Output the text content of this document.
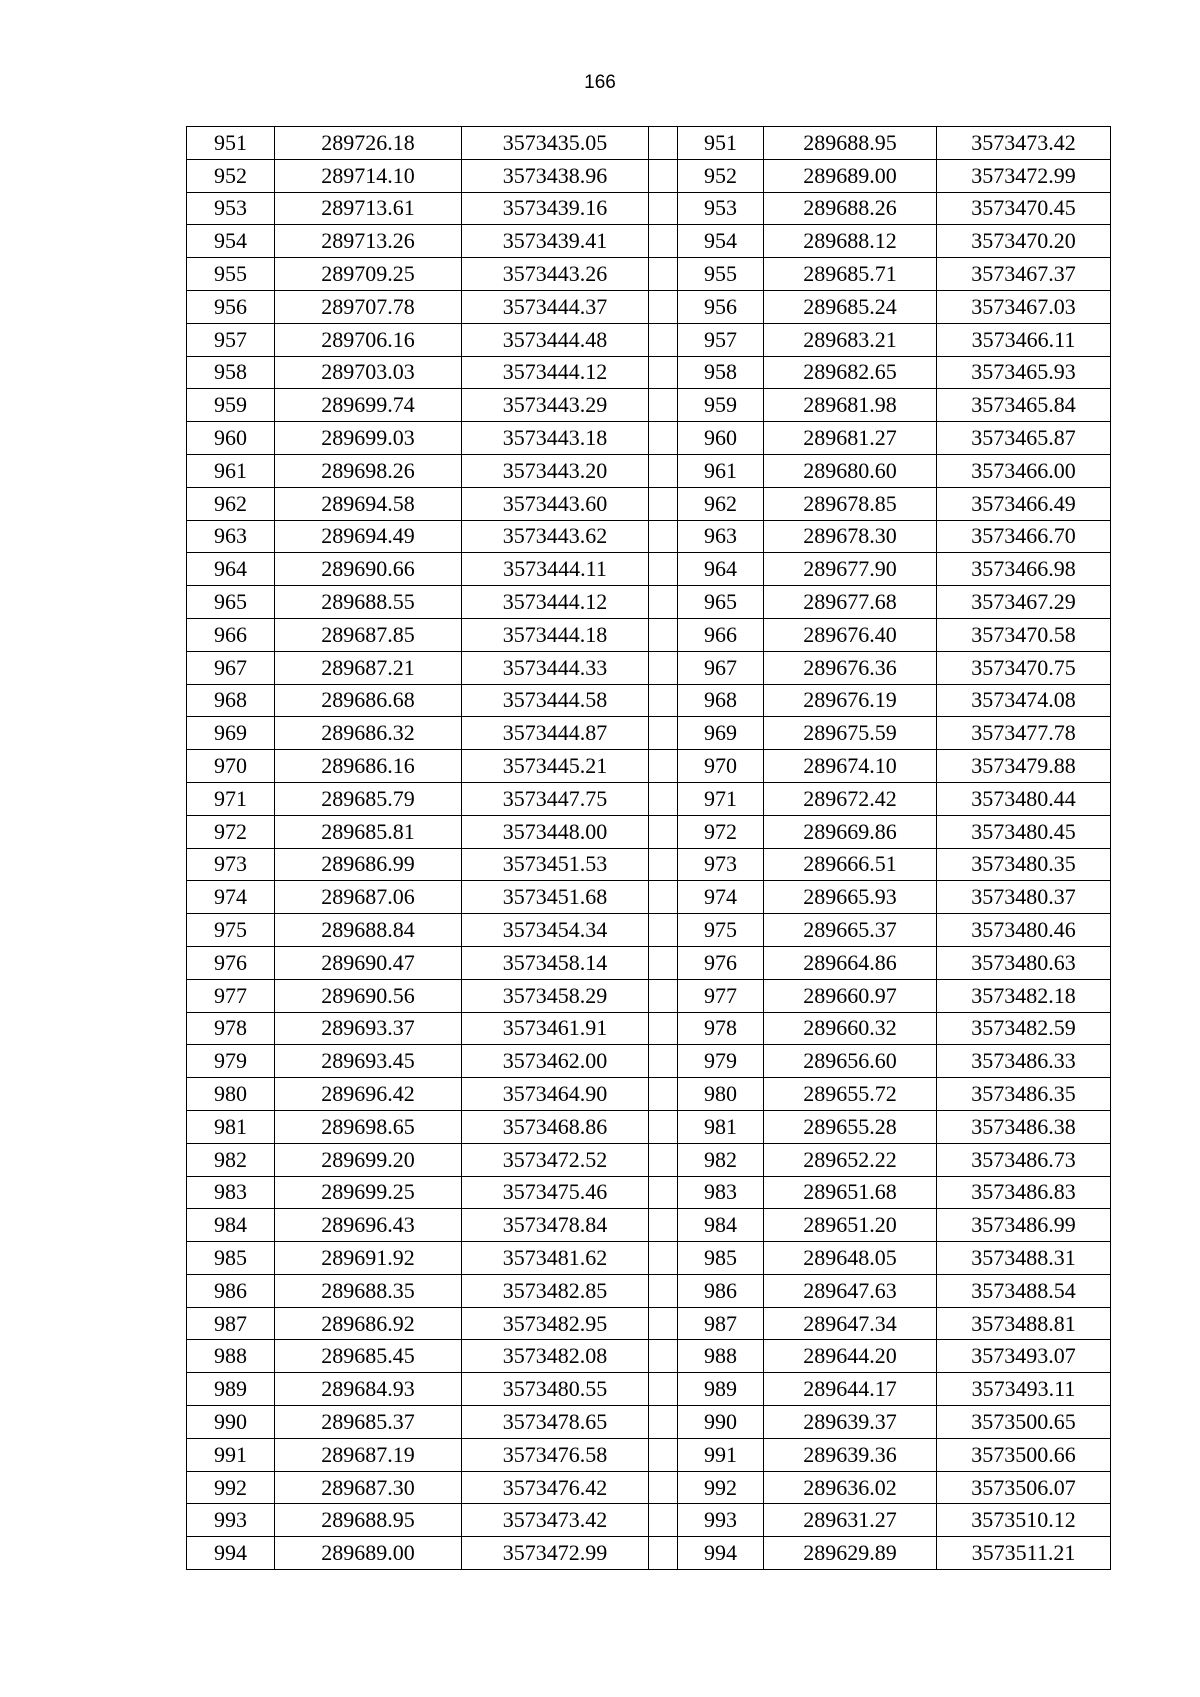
166
951	289726.18	3573435.05		951	289688.95	3573473.42
952	289714.10	3573438.96		952	289689.00	3573472.99
953	289713.61	3573439.16		953	289688.26	3573470.45
954	289713.26	3573439.41		954	289688.12	3573470.20
955	289709.25	3573443.26		955	289685.71	3573467.37
956	289707.78	3573444.37		956	289685.24	3573467.03
957	289706.16	3573444.48		957	289683.21	3573466.11
958	289703.03	3573444.12		958	289682.65	3573465.93
959	289699.74	3573443.29		959	289681.98	3573465.84
960	289699.03	3573443.18		960	289681.27	3573465.87
961	289698.26	3573443.20		961	289680.60	3573466.00
962	289694.58	3573443.60		962	289678.85	3573466.49
963	289694.49	3573443.62		963	289678.30	3573466.70
964	289690.66	3573444.11		964	289677.90	3573466.98
965	289688.55	3573444.12		965	289677.68	3573467.29
966	289687.85	3573444.18		966	289676.40	3573470.58
967	289687.21	3573444.33		967	289676.36	3573470.75
968	289686.68	3573444.58		968	289676.19	3573474.08
969	289686.32	3573444.87		969	289675.59	3573477.78
970	289686.16	3573445.21		970	289674.10	3573479.88
971	289685.79	3573447.75		971	289672.42	3573480.44
972	289685.81	3573448.00		972	289669.86	3573480.45
973	289686.99	3573451.53		973	289666.51	3573480.35
974	289687.06	3573451.68		974	289665.93	3573480.37
975	289688.84	3573454.34		975	289665.37	3573480.46
976	289690.47	3573458.14		976	289664.86	3573480.63
977	289690.56	3573458.29		977	289660.97	3573482.18
978	289693.37	3573461.91		978	289660.32	3573482.59
979	289693.45	3573462.00		979	289656.60	3573486.33
980	289696.42	3573464.90		980	289655.72	3573486.35
981	289698.65	3573468.86		981	289655.28	3573486.38
982	289699.20	3573472.52		982	289652.22	3573486.73
983	289699.25	3573475.46		983	289651.68	3573486.83
984	289696.43	3573478.84		984	289651.20	3573486.99
985	289691.92	3573481.62		985	289648.05	3573488.31
986	289688.35	3573482.85		986	289647.63	3573488.54
987	289686.92	3573482.95		987	289647.34	3573488.81
988	289685.45	3573482.08		988	289644.20	3573493.07
989	289684.93	3573480.55		989	289644.17	3573493.11
990	289685.37	3573478.65		990	289639.37	3573500.65
991	289687.19	3573476.58		991	289639.36	3573500.66
992	289687.30	3573476.42		992	289636.02	3573506.07
993	289688.95	3573473.42		993	289631.27	3573510.12
994	289689.00	3573472.99		994	289629.89	3573511.21
